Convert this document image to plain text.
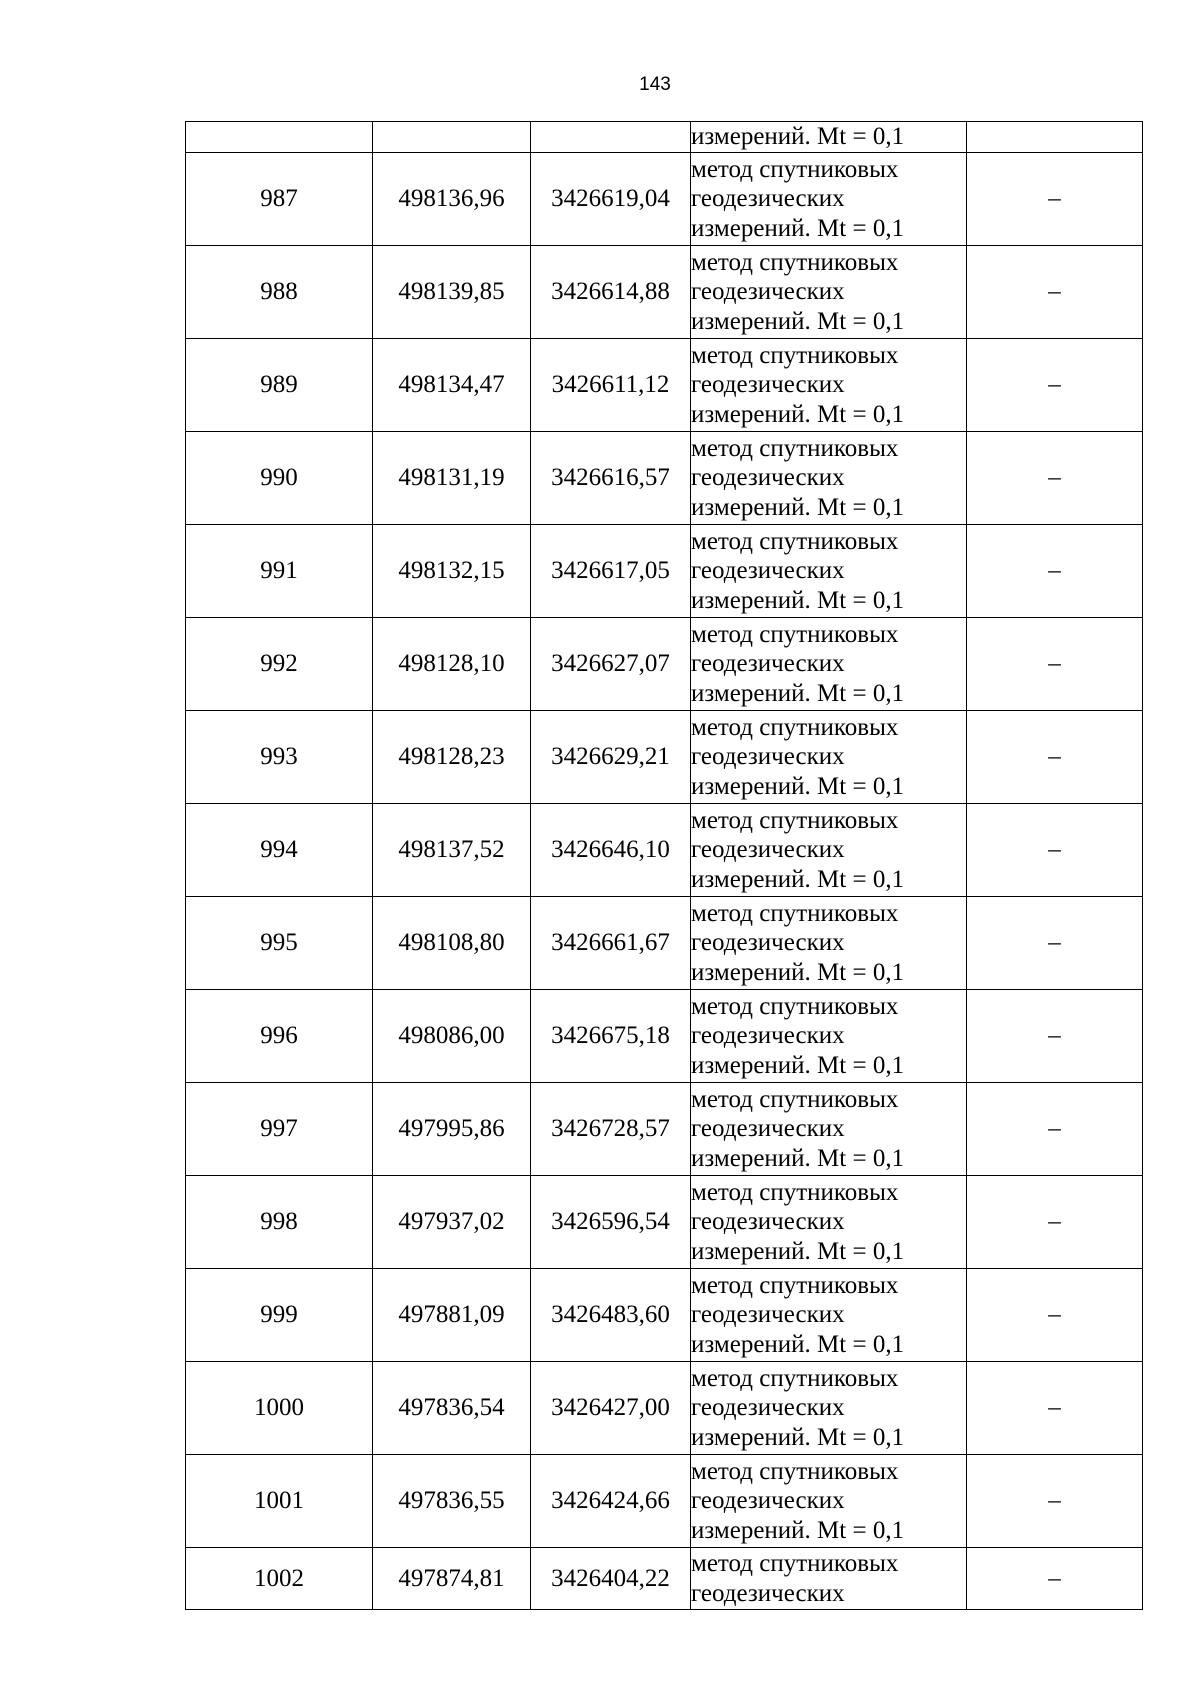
143

			измерений. Mt = 0,1	

987	498136,96	3426619,04	метод спутниковых
геодезических
измерений. Mt = 0,1	–
988	498139,85	3426614,88	метод спутниковых
геодезических
измерений. Mt = 0,1	–
989	498134,47	3426611,12	метод спутниковых
геодезических
измерений. Mt = 0,1	–
990	498131,19	3426616,57	метод спутниковых
геодезических
измерений. Mt = 0,1	–
991	498132,15	3426617,05	метод спутниковых
геодезических
измерений. Mt = 0,1	–
992	498128,10	3426627,07	метод спутниковых
геодезических
измерений. Mt = 0,1	–
993	498128,23	3426629,21	метод спутниковых
геодезических
измерений. Mt = 0,1	–
994	498137,52	3426646,10	метод спутниковых
геодезических
измерений. Mt = 0,1	–
995	498108,80	3426661,67	метод спутниковых
геодезических
измерений. Mt = 0,1	–
996	498086,00	3426675,18	метод спутниковых
геодезических
измерений. Mt = 0,1	–
997	497995,86	3426728,57	метод спутниковых
геодезических
измерений. Mt = 0,1	–
998	497937,02	3426596,54	метод спутниковых
геодезических
измерений. Mt = 0,1	–
999	497881,09	3426483,60	метод спутниковых
геодезических
измерений. Mt = 0,1	–
1000	497836,54	3426427,00	метод спутниковых
геодезических
измерений. Mt = 0,1	–
1001	497836,55	3426424,66	метод спутниковых
геодезических
измерений. Mt = 0,1	–
1002	497874,81	3426404,22	метод спутниковых
геодезических	–
